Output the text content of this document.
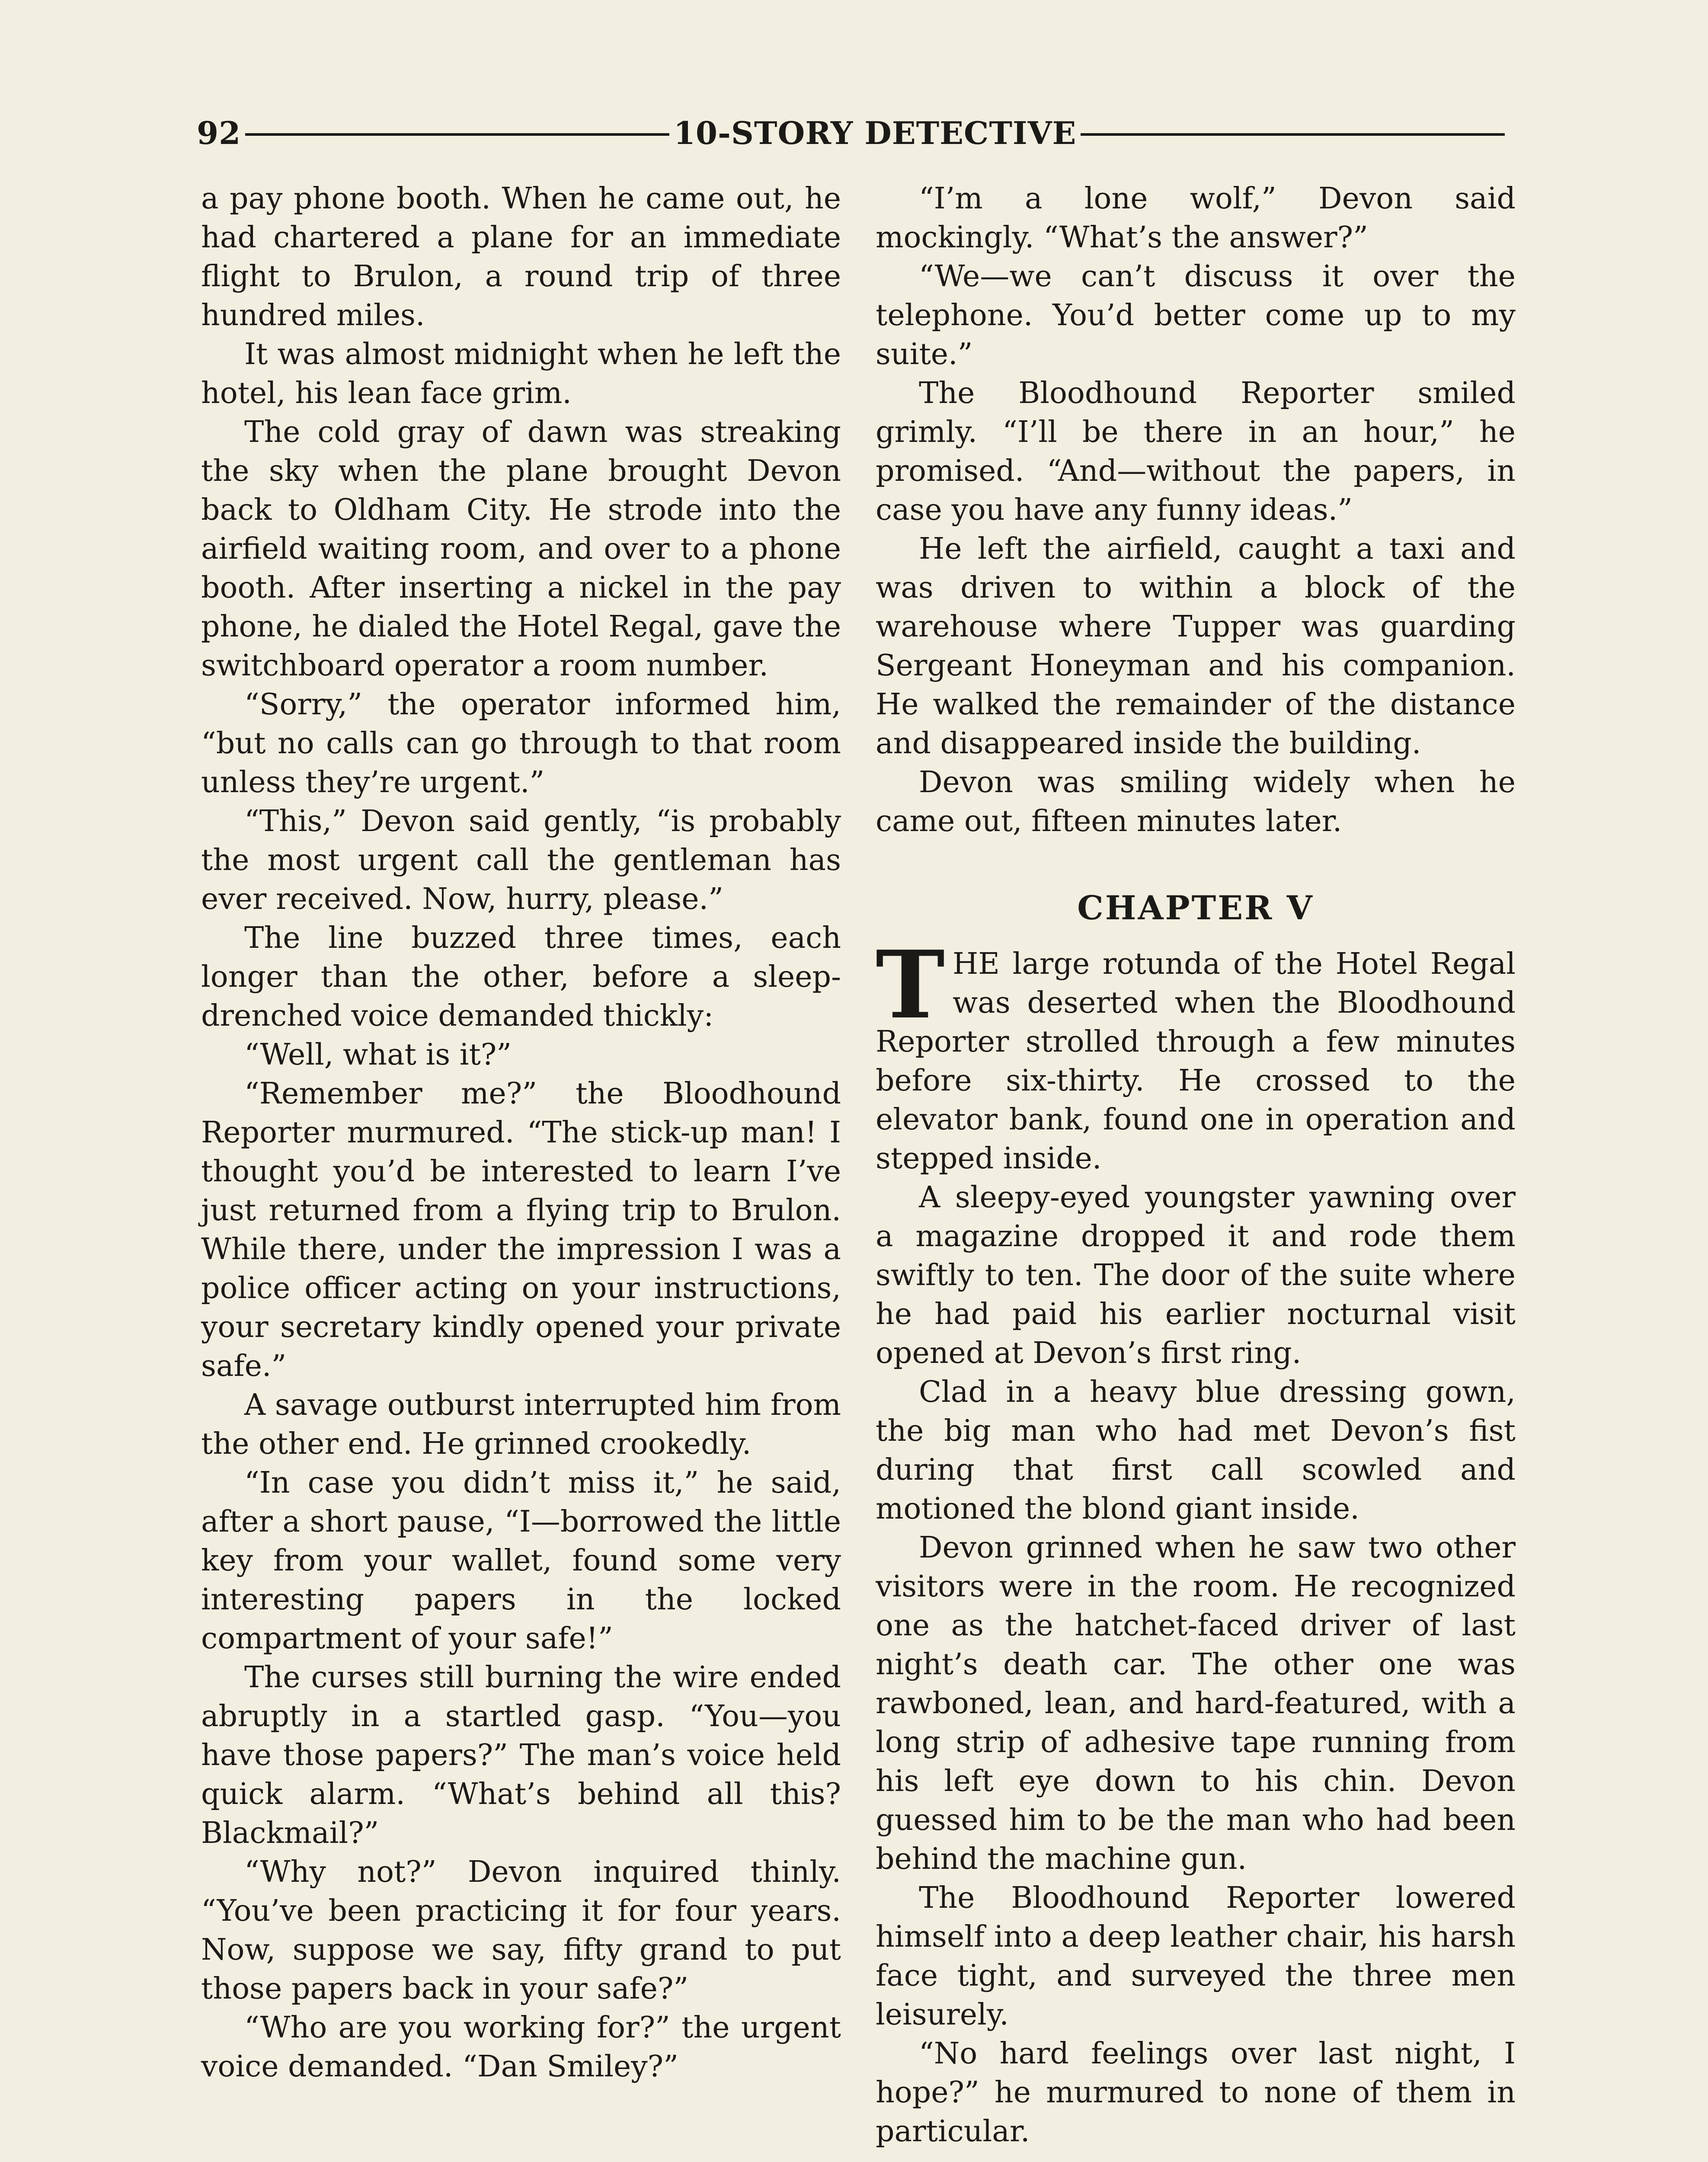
92	10-STORY DETECTIVE

a pay phone booth. When he came out, he had chartered a plane for an immediate flight to Brulon, a round trip of three hundred miles.

It was almost midnight when he left the hotel, his lean face grim.

The cold gray of dawn was streaking the sky when the plane brought Devon back to Oldham City. He strode into the airfield waiting room, and over to a phone booth. After inserting a nickel in the pay phone, he dialed the Hotel Regal, gave the switchboard operator a room number.

“Sorry,” the operator informed him, “but no calls can go through to that room unless they’re urgent.”

“This,” Devon said gently, “is probably the most urgent call the gentleman has ever received. Now, hurry, please.”

The line buzzed three times, each longer than the other, before a sleep-drenched voice demanded thickly:

“Well, what is it?”

“Remember me?” the Bloodhound Reporter murmured. “The stick-up man! I thought you’d be interested to learn I’ve just returned from a flying trip to Brulon. While there, under the impression I was a police officer acting on your instructions, your secretary kindly opened your private safe.”

A savage outburst interrupted him from the other end. He grinned crookedly.

“In case you didn’t miss it,” he said, after a short pause, “I—borrowed the little key from your wallet, found some very interesting papers in the locked compartment of your safe!”

The curses still burning the wire ended abruptly in a startled gasp. “You—you have those papers?” The man’s voice held quick alarm. “What’s behind all this? Blackmail?”

“Why not?” Devon inquired thinly. “You’ve been practicing it for four years. Now, suppose we say, fifty grand to put those papers back in your safe?”

“Who are you working for?” the urgent voice demanded. “Dan Smiley?”

“I’m a lone wolf,” Devon said mockingly. “What’s the answer?”

“We—we can’t discuss it over the telephone. You’d better come up to my suite.”

The Bloodhound Reporter smiled grimly. “I’ll be there in an hour,” he promised. “And—without the papers, in case you have any funny ideas.”

He left the airfield, caught a taxi and was driven to within a block of the warehouse where Tupper was guarding Sergeant Honeyman and his companion. He walked the remainder of the distance and disappeared inside the building.

Devon was smiling widely when he came out, fifteen minutes later.

CHAPTER V

THE large rotunda of the Hotel Regal was deserted when the Bloodhound Reporter strolled through a few minutes before six-thirty. He crossed to the elevator bank, found one in operation and stepped inside.

A sleepy-eyed youngster yawning over a magazine dropped it and rode them swiftly to ten. The door of the suite where he had paid his earlier nocturnal visit opened at Devon’s first ring.

Clad in a heavy blue dressing gown, the big man who had met Devon’s fist during that first call scowled and motioned the blond giant inside.

Devon grinned when he saw two other visitors were in the room. He recognized one as the hatchet-faced driver of last night’s death car. The other one was rawboned, lean, and hard-featured, with a long strip of adhesive tape running from his left eye down to his chin. Devon guessed him to be the man who had been behind the machine gun.

The Bloodhound Reporter lowered himself into a deep leather chair, his harsh face tight, and surveyed the three men leisurely.

“No hard feelings over last night, I hope?” he murmured to none of them in particular.
